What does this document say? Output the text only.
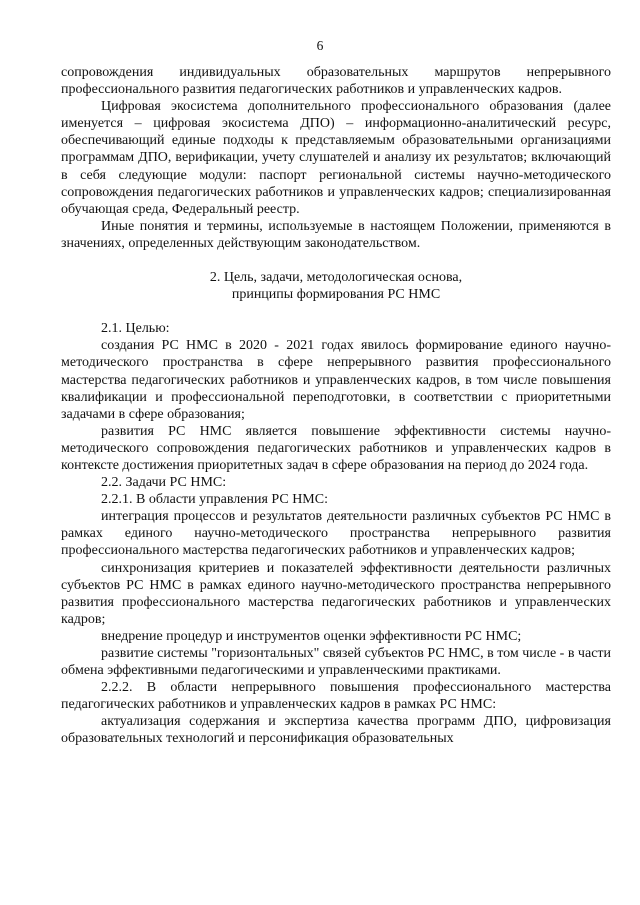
6

сопровождения индивидуальных образовательных маршрутов непрерывного профессионального развития педагогических работников и управленческих кадров.

Цифровая экосистема дополнительного профессионального образования (далее именуется – цифровая экосистема ДПО) – информационно-аналитический ресурс, обеспечивающий единые подходы к представляемым образовательными организациями программам ДПО, верификации, учету слушателей и анализу их результатов; включающий в себя следующие модули: паспорт региональной системы научно-методического сопровождения педагогических работников и управленческих кадров; специализированная обучающая среда, Федеральный реестр.

Иные понятия и термины, используемые в настоящем Положении, применяются в значениях, определенных действующим законодательством.

2. Цель, задачи, методологическая основа,
принципы формирования РС НМС

2.1. Целью:

создания РС НМС в 2020 - 2021 годах явилось формирование единого научно-методического пространства в сфере непрерывного развития профессионального мастерства педагогических работников и управленческих кадров, в том числе повышения квалификации и профессиональной переподготовки, в соответствии с приоритетными задачами в сфере образования;

развития РС НМС является повышение эффективности системы научно-методического сопровождения педагогических работников и управленческих кадров в контексте достижения приоритетных задач в сфере образования на период до 2024 года.

2.2. Задачи РС НМС:

2.2.1. В области управления РС НМС:

интеграция процессов и результатов деятельности различных субъектов РС НМС в рамках единого научно-методического пространства непрерывного развития профессионального мастерства педагогических работников и управленческих кадров;

синхронизация критериев и показателей эффективности деятельности различных субъектов РС НМС в рамках единого научно-методического пространства непрерывного развития профессионального мастерства педагогических работников и управленческих кадров;

внедрение процедур и инструментов оценки эффективности РС НМС;

развитие системы "горизонтальных" связей субъектов РС НМС, в том числе - в части обмена эффективными педагогическими и управленческими практиками.

2.2.2. В области непрерывного повышения профессионального мастерства педагогических работников и управленческих кадров в рамках РС НМС:

актуализация содержания и экспертиза качества программ ДПО, цифровизация образовательных технологий и персонификация образовательных
